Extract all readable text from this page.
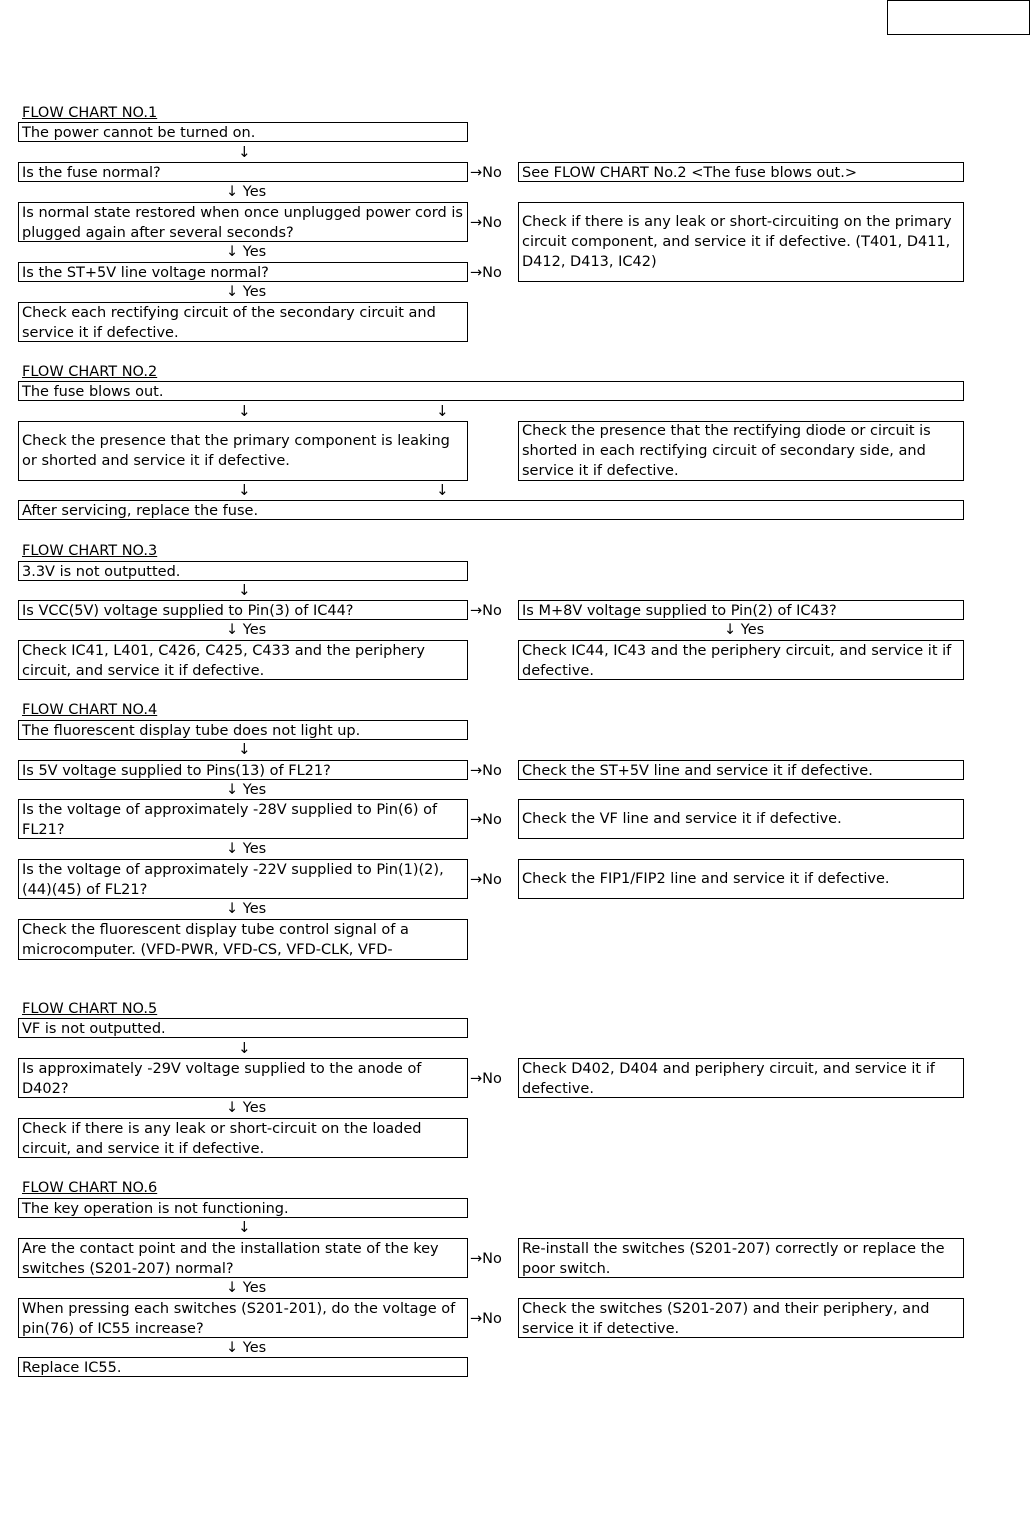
FLOW CHART NO.1
The power cannot be turned on.
↓
Is the fuse normal?	→No See FLOW CHART No.2 <The fuse blows out.>
↓ Yes
Is normal state restored when once unplugged power cord is plugged again after several seconds?
→No Check if there is any leak or short-circuiting on the primary circuit component, and service it if defective. (T401, D411, D412, D413, IC42)
↓ Yes
Is the ST+5V line voltage normal?	→No
↓ Yes
Check each rectifying circuit of the secondary circuit and service it if defective.
FLOW CHART NO.2
The fuse blows out.
↓	↓
Check the presence that the primary component is leaking or shorted and service it if defective.
Check the presence that the rectifying diode or circuit is shorted in each rectifying circuit of secondary side, and service it if defective.
↓	↓
After servicing, replace the fuse.
FLOW CHART NO.3
3.3V is not outputted.
↓
Is VCC(5V) voltage supplied to Pin(3) of IC44?	→No Is M+8V voltage supplied to Pin(2) of IC43?
↓ Yes	↓ Yes
Check IC41, L401, C426, C425, C433 and the periphery circuit, and service it if defective.
Check IC44, IC43 and the periphery circuit, and service it if defective.
FLOW CHART NO.4
The fluorescent display tube does not light up.
↓
Is 5V voltage supplied to Pins(13) of FL21?	→No Check the ST+5V line and service it if defective.
↓ Yes
Is the voltage of approximately -28V supplied to Pin(6) of FL21?
→No Check the VF line and service it if defective.
↓ Yes
Is the voltage of approximately -22V supplied to Pin(1)(2),(44)(45) of FL21?
→No Check the FIP1/FIP2 line and service it if defective.
↓ Yes
Check the fluorescent display tube control signal of a microcomputer. (VFD-PWR, VFD-CS, VFD-CLK, VFD-
FLOW CHART NO.5
VF is not outputted.
↓
Is approximately -29V voltage supplied to the anode of D402?
→No
Check D402, D404 and periphery circuit, and service it if defective.
↓ Yes
Check if there is any leak or short-circuit on the loaded circuit, and service it if defective.
FLOW CHART NO.6
The key operation is not functioning.
↓
Are the contact point and the installation state of the key switches (S201-207) normal?
→No
Re-install the switches (S201-207) correctly or replace the poor switch.
↓ Yes
When pressing each switches (S201-201), do the voltage of pin(76) of IC55 increase?
→No
Check the switches (S201-207) and their periphery, and service it if detective.
↓ Yes
Replace IC55.
